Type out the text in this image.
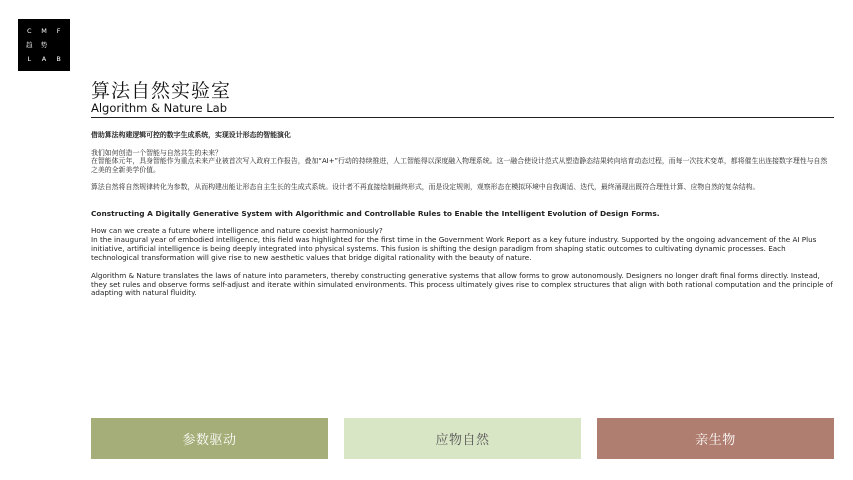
C	M	F
趋	势
L	A	B
算法自然实验室
Algorithm & Nature Lab

借助算法构建逻辑可控的数字生成系统，实现设计形态的智能演化

我们如何创造一个智能与自然共生的未来？

在智能体元年，具身智能作为重点未来产业被首次写入政府工作报告，叠加“AI+”行动的持续推进，人工智能得以深度融入物理系统。这一融合使设计范式从塑造静态结果转向培育动态过程，而每一次技术变革，都将催生出连接数字理性与自然之美的全新美学价值。

算法自然将自然规律转化为参数，从而构建出能让形态自主生长的生成式系统。设计者不再直接绘制最终形式，而是设定规则，观察形态在模拟环境中自我调适、迭代，最终涌现出既符合理性计算、应物自然的复杂结构。

Constructing A Digitally Generative System with Algorithmic and Controllable Rules to Enable the Intelligent Evolution of Design Forms.

How can we create a future where intelligence and nature coexist harmoniously?

In the inaugural year of embodied intelligence, this field was highlighted for the first time in the Government Work Report as a key future industry. Supported by the ongoing advancement of the AI Plus initiative, artificial intelligence is being deeply integrated into physical systems. This fusion is shifting the design paradigm from shaping static outcomes to cultivating dynamic processes. Each technological transformation will give rise to new aesthetic values that bridge digital rationality with the beauty of nature.

Algorithm & Nature translates the laws of nature into parameters, thereby constructing generative systems that allow forms to grow autonomously. Designers no longer draft final forms directly. Instead, they set rules and observe forms self-adjust and iterate within simulated environments. This process ultimately gives rise to complex structures that align with both rational computation and the principle of adapting with natural fluidity.

参数驱动	应物自然	亲生物
